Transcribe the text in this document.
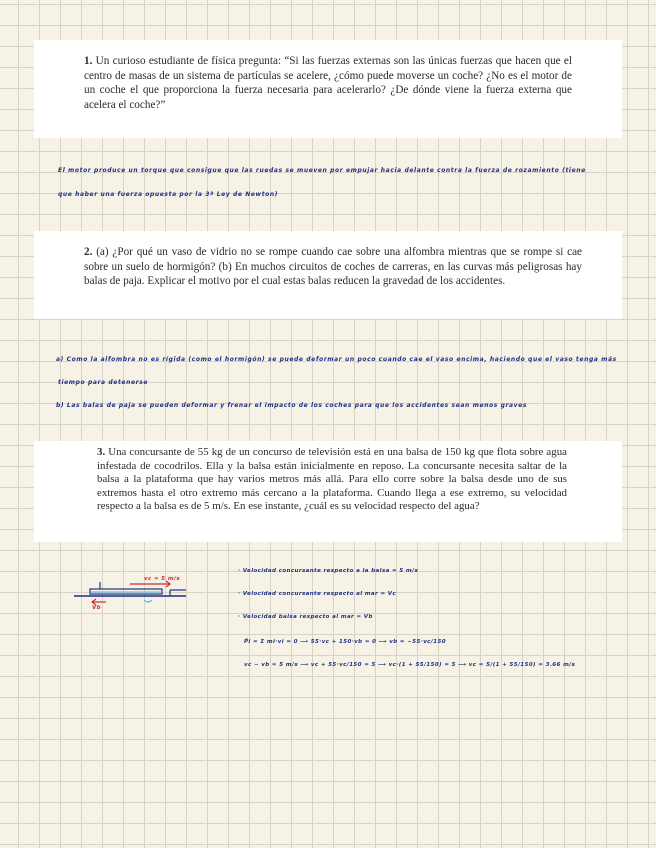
1. Un curioso estudiante de física pregunta: “Si las fuerzas externas son las únicas fuerzas que hacen que el centro de masas de un sistema de partículas se acelere, ¿cómo puede moverse un coche? ¿No es el motor de un coche el que proporciona la fuerza necesaria para acelerarlo? ¿De dónde viene la fuerza externa que acelera el coche?”

El motor produce un torque que consigue que las ruedas se mueven por empujar hacia delante contra la fuerza de rozamiento (tiene
que haber una fuerza opuesta por la 3ª Ley de Newton)

2. (a) ¿Por qué un vaso de vidrio no se rompe cuando cae sobre una alfombra mientras que se rompe si cae sobre un suelo de hormigón? (b) En muchos circuitos de coches de carreras, en las curvas más peligrosas hay balas de paja. Explicar el motivo por el cual estas balas reducen la gravedad de los accidentes.

a) Como la alfombra no es rígida (como el hormigón) se puede deformar un poco cuando cae el vaso encima, haciendo que el vaso tenga más
tiempo para detenerse
b) Las balas de paja se pueden deformar y frenar el impacto de los coches para que los accidentes sean menos graves

3. Una concursante de 55 kg de un concurso de televisión está en una balsa de 150 kg que flota sobre agua infestada de cocodrilos. Ella y la balsa están inicialmente en reposo. La concursante necesita saltar de la balsa a la plataforma que hay varios metros más allá. Para ello corre sobre la balsa desde uno de sus extremos hasta el otro extremo más cercano a la plataforma. Cuando llega a ese extremo, su velocidad respecto a la balsa es de 5 m/s. En ese instante, ¿cuál es su velocidad respecto del agua?

vc = 5 m/s
Vb
· Velocidad concursante respecto a la balsa = 5 m/s
· Velocidad concursante respecto al mar = Vc
· Velocidad balsa respecto al mar = Vb
P̄i = Σ mi·vi = 0 ⟶ 55·vc + 150·vb = 0 ⟶ vb = −55·vc/150
vc − vb = 5 m/s ⟶ vc + 55·vc/150 = 5 ⟶ vc·(1 + 55/150) = 5 ⟶ vc = 5/(1 + 55/150) = 3.66 m/s
